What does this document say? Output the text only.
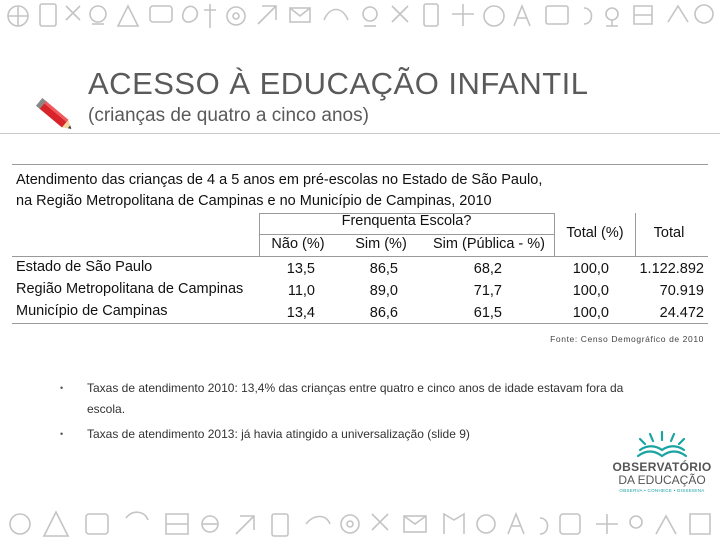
ACESSO À EDUCAÇÃO INFANTIL
(crianças de quatro a cinco anos)
Atendimento das crianças de 4 a 5 anos em pré-escolas no Estado de São Paulo,
na Região Metropolitana de Campinas e no Município de Campinas, 2010
Frenquenta Escola?
Não (%)	Sim (%)	Sim (Pública - %)
Total (%)	Total
Estado de São Paulo	13,5	86,5	68,2	100,0	1.122.892
Região Metropolitana de Campinas	11,0	89,0	71,7	100,0	70.919
Município de Campinas	13,4	86,6	61,5	100,0	24.472
Fonte: Censo Demográfico de 2010
• Taxas de atendimento 2010: 13,4% das crianças entre quatro e cinco anos de idade estavam fora da escola.
• Taxas de atendimento 2013: já havia atingido a universalização (slide 9)
OBSERVATÓRIO
DA EDUCAÇÃO
OBSERVA • CONHECE • DISSEMINA
